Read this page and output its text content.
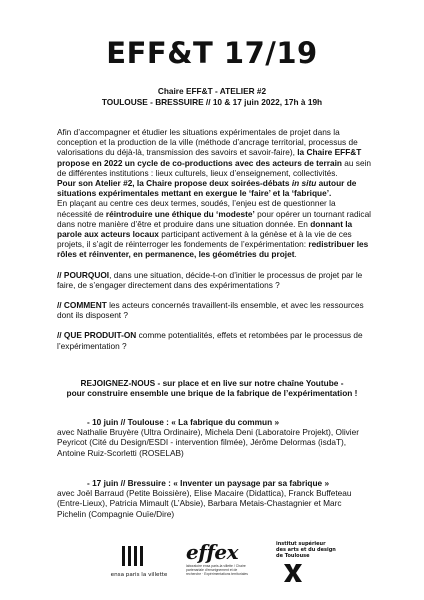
EFF&T 17/19
Chaire EFF&T - ATELIER #2
TOULOUSE - BRESSUIRE // 10 & 17 juin 2022, 17h à 19h

Afin d’accompagner et étudier les situations expérimentales de projet dans la conception et la production de la ville (méthode d’ancrage territorial, processus de valorisations du déjà-là, transmission des savoirs et savoir-faire), la Chaire EFF&T propose en 2022 un cycle de co-productions avec des acteurs de terrain au sein de différentes institutions : lieux culturels, lieux d’enseignement, collectivités.

Pour son Atelier #2, la Chaire propose deux soirées-débats in situ autour de situations expérimentales mettant en exergue le ‘faire’ et la ‘fabrique’.

En plaçant au centre ces deux termes, soudés, l’enjeu est de questionner la nécessité de réintroduire une éthique du ‘modeste’ pour opérer un tournant radical dans notre manière d’être et produire dans une situation donnée. En donnant la parole aux acteurs locaux participant activement à la génèse et à la vie de ces projets, il s’agit de réinterroger les fondements de l’expérimentation: redistribuer les rôles et réinventer, en permanence, les géométries du projet.

// POURQUOI, dans une situation, décide-t-on d’initier le processus de projet par le faire, de s’engager directement dans des expérimentations ?

// COMMENT les acteurs concernés travaillent-ils ensemble, et avec les ressources dont ils disposent ?

// QUE PRODUIT-ON comme potentialités, effets et retombées par le processus de l’expérimentation ?

REJOIGNEZ-NOUS - sur place et en live sur notre chaîne Youtube -
pour construire ensemble une brique de la fabrique de l’expérimentation !
- 10 juin // Toulouse : « La fabrique du commun »
avec Nathalie Bruyère (Ultra Ordinaire), Michela Deni (Laboratoire Projekt), Olivier Peyricot (Cité du Design/ESDI - intervention filmée), Jérôme Delormas (isdaT), Antoine Ruiz-Scorletti (ROSELAB)
- 17 juin // Bressuire : « Inventer un paysage par sa fabrique »
avec Joël Barraud (Petite Boissière), Elise Macaire (Didattica), Franck Buffeteau (Entre-Lieux), Patricia Mimault (L’Absie), Barbara Metais-Chastagnier et Marc Pichelin (Compagnie Ouïe/Dire)
ensa paris la villette
effex
laboratoire ensa paris-la villette / Chaire partenariale d’enseignement et de recherche · Expérimentations territoriales
institut supérieur
des arts et du design
de Toulouse
